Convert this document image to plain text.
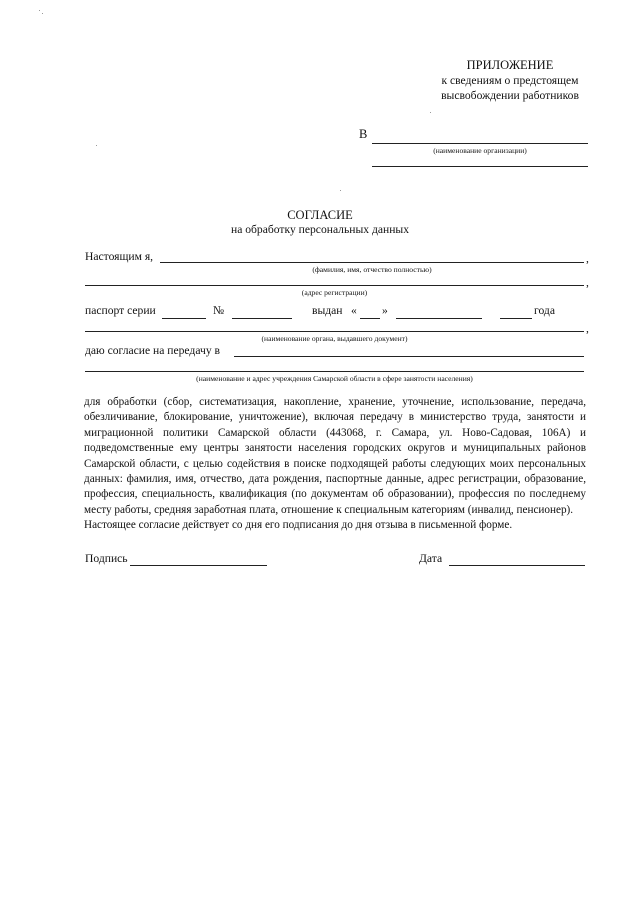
ПРИЛОЖЕНИЕ
к сведениям о предстоящем
высвобождении работников
В
(наименование организации)
СОГЛАСИЕ
на обработку персональных данных
Настоящим я,	,
(фамилия, имя, отчество полностью)
,
(адрес регистрации)
паспорт серии	№	выдан « »	года
,
(наименование органа, выдавшего документ)
даю согласие на передачу в
(наименование и адрес учреждения Самарской области в сфере занятости населения)

для обработки (сбор, систематизация, накопление, хранение, уточнение, использование, передача, обезличивание, блокирование, уничтожение), включая передачу в министерство труда, занятости и миграционной политики Самарской области (443068, г. Самара, ул. Ново-Садовая, 106А) и подведомственные ему центры занятости населения городских округов и муниципальных районов Самарской области, с целью содействия в поиске подходящей работы следующих моих персональных данных: фамилия, имя, отчество, дата рождения, паспортные данные, адрес регистрации, образование, профессия, специальность, квалификация (по документам об образовании), профессия по последнему месту работы, средняя заработная плата, отношение к специальным категориям (инвалид, пенсионер).

Настоящее согласие действует со дня его подписания до дня отзыва в письменной форме.

Подпись	Дата
